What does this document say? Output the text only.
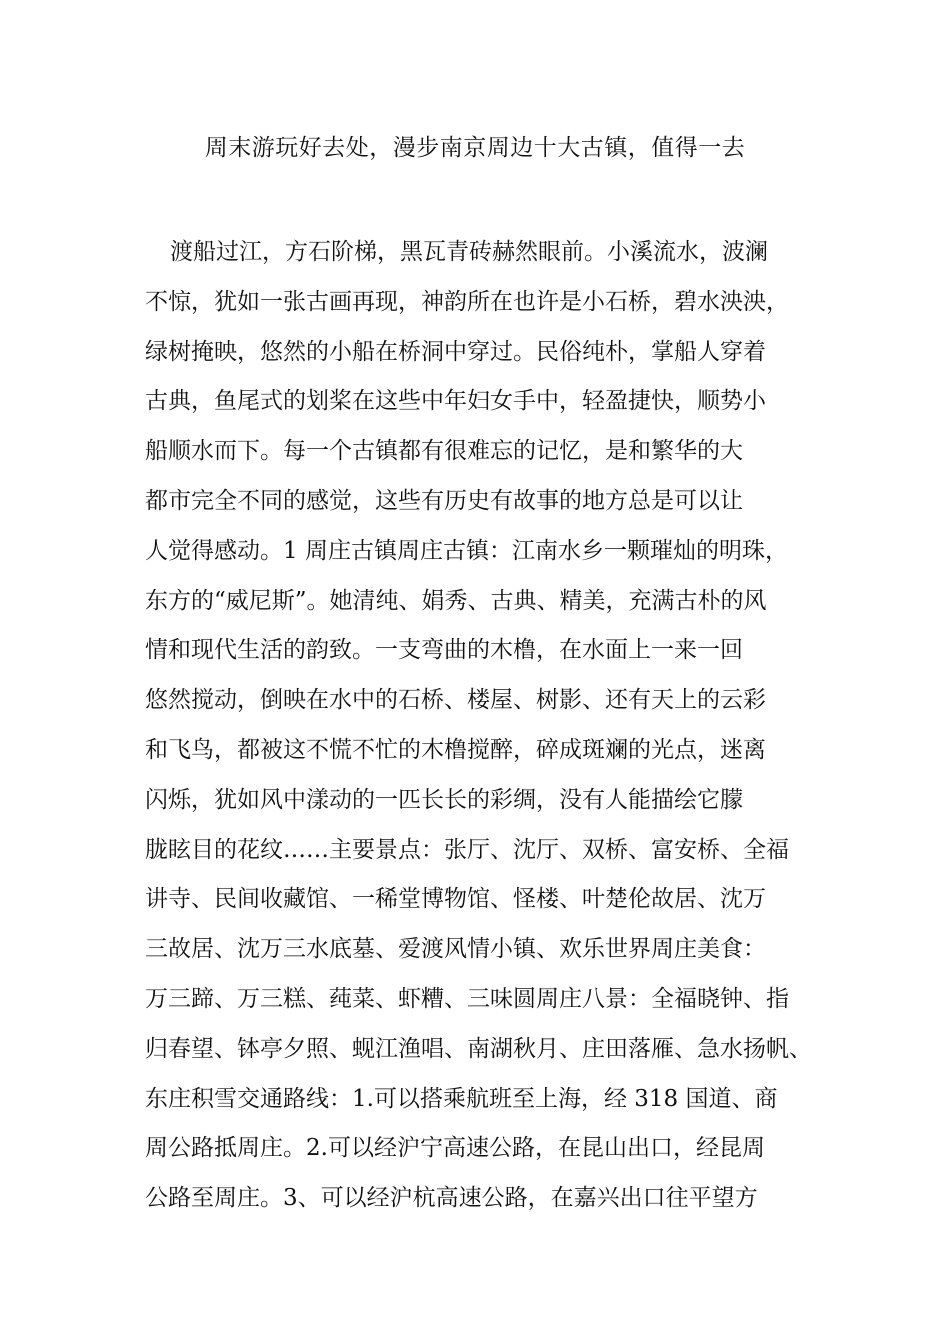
周末游玩好去处，漫步南京周边十大古镇，值得一去
渡船过江，方石阶梯，黑瓦青砖赫然眼前。小溪流水，波澜
不惊，犹如一张古画再现，神韵所在也许是小石桥，碧水泱泱，
绿树掩映，悠然的小船在桥洞中穿过。民俗纯朴，掌船人穿着
古典，鱼尾式的划桨在这些中年妇女手中，轻盈捷快，顺势小
船顺水而下。每一个古镇都有很难忘的记忆，是和繁华的大
都市完全不同的感觉，这些有历史有故事的地方总是可以让
人觉得感动。1 周庄古镇周庄古镇：江南水乡一颗璀灿的明珠，
东方的“威尼斯”。她清纯、娟秀、古典、精美，充满古朴的风
情和现代生活的韵致。一支弯曲的木橹，在水面上一来一回
悠然搅动，倒映在水中的石桥、楼屋、树影、还有天上的云彩
和飞鸟，都被这不慌不忙的木橹搅醉，碎成斑斓的光点，迷离
闪烁，犹如风中漾动的一匹长长的彩绸，没有人能描绘它朦
胧眩目的花纹……主要景点：张厅、沈厅、双桥、富安桥、全福
讲寺、民间收藏馆、一稀堂博物馆、怪楼、叶楚伦故居、沈万
三故居、沈万三水底墓、爱渡风情小镇、欢乐世界周庄美食：
万三蹄、万三糕、莼菜、虾糟、三味圆周庄八景：全福晓钟、指
归春望、钵亭夕照、蚬江渔唱、南湖秋月、庄田落雁、急水扬帆、
东庄积雪交通路线：1.可以搭乘航班至上海，经 318 国道、商
周公路抵周庄。2.可以经沪宁高速公路，在昆山出口，经昆周
公路至周庄。3、可以经沪杭高速公路，在嘉兴出口往平望方
